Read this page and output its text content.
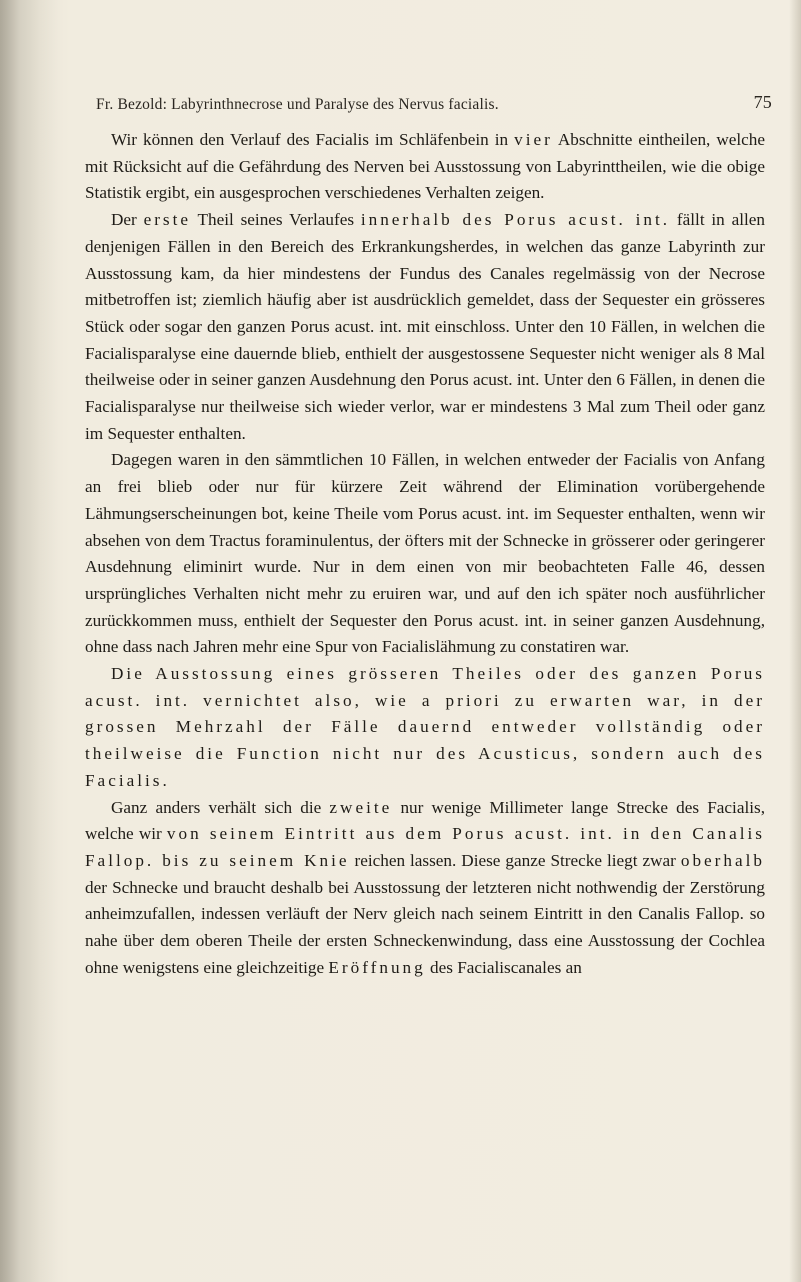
Fr. Bezold: Labyrinthnecrose und Paralyse des Nervus facialis.	75

Wir können den Verlauf des Facialis im Schläfenbein in vier Abschnitte eintheilen, welche mit Rücksicht auf die Gefährdung des Nerven bei Ausstossung von Labyrinttheilen, wie die obige Statistik ergibt, ein ausgesprochen verschiedenes Verhalten zeigen.

Der erste Theil seines Verlaufes innerhalb des Porus acust. int. fällt in allen denjenigen Fällen in den Bereich des Erkrankungsherdes, in welchen das ganze Labyrinth zur Ausstossung kam, da hier mindestens der Fundus des Canales regelmässig von der Necrose mitbetroffen ist; ziemlich häufig aber ist ausdrücklich gemeldet, dass der Sequester ein grösseres Stück oder sogar den ganzen Porus acust. int. mit einschloss. Unter den 10 Fällen, in welchen die Facialisparalyse eine dauernde blieb, enthielt der ausgestossene Sequester nicht weniger als 8 Mal theilweise oder in seiner ganzen Ausdehnung den Porus acust. int. Unter den 6 Fällen, in denen die Facialisparalyse nur theilweise sich wieder verlor, war er mindestens 3 Mal zum Theil oder ganz im Sequester enthalten.

Dagegen waren in den sämmtlichen 10 Fällen, in welchen entweder der Facialis von Anfang an frei blieb oder nur für kürzere Zeit während der Elimination vorübergehende Lähmungserscheinungen bot, keine Theile vom Porus acust. int. im Sequester enthalten, wenn wir absehen von dem Tractus foraminulentus, der öfters mit der Schnecke in grösserer oder geringerer Ausdehnung eliminirt wurde. Nur in dem einen von mir beobachteten Falle 46, dessen ursprüngliches Verhalten nicht mehr zu eruiren war, und auf den ich später noch ausführlicher zurückkommen muss, enthielt der Sequester den Porus acust. int. in seiner ganzen Ausdehnung, ohne dass nach Jahren mehr eine Spur von Facialislähmung zu constatiren war.

Die Ausstossung eines grösseren Theiles oder des ganzen Porus acust. int. vernichtet also, wie a priori zu erwarten war, in der grossen Mehrzahl der Fälle dauernd entweder vollständig oder theilweise die Function nicht nur des Acusticus, sondern auch des Facialis.

Ganz anders verhält sich die zweite nur wenige Millimeter lange Strecke des Facialis, welche wir von seinem Eintritt aus dem Porus acust. int. in den Canalis Fallop. bis zu seinem Knie reichen lassen. Diese ganze Strecke liegt zwar oberhalb der Schnecke und braucht deshalb bei Ausstossung der letzteren nicht nothwendig der Zerstörung anheimzufallen, indessen verläuft der Nerv gleich nach seinem Eintritt in den Canalis Fallop. so nahe über dem oberen Theile der ersten Schneckenwindung, dass eine Ausstossung der Cochlea ohne wenigstens eine gleichzeitige Eröffnung des Facialiscanales an
